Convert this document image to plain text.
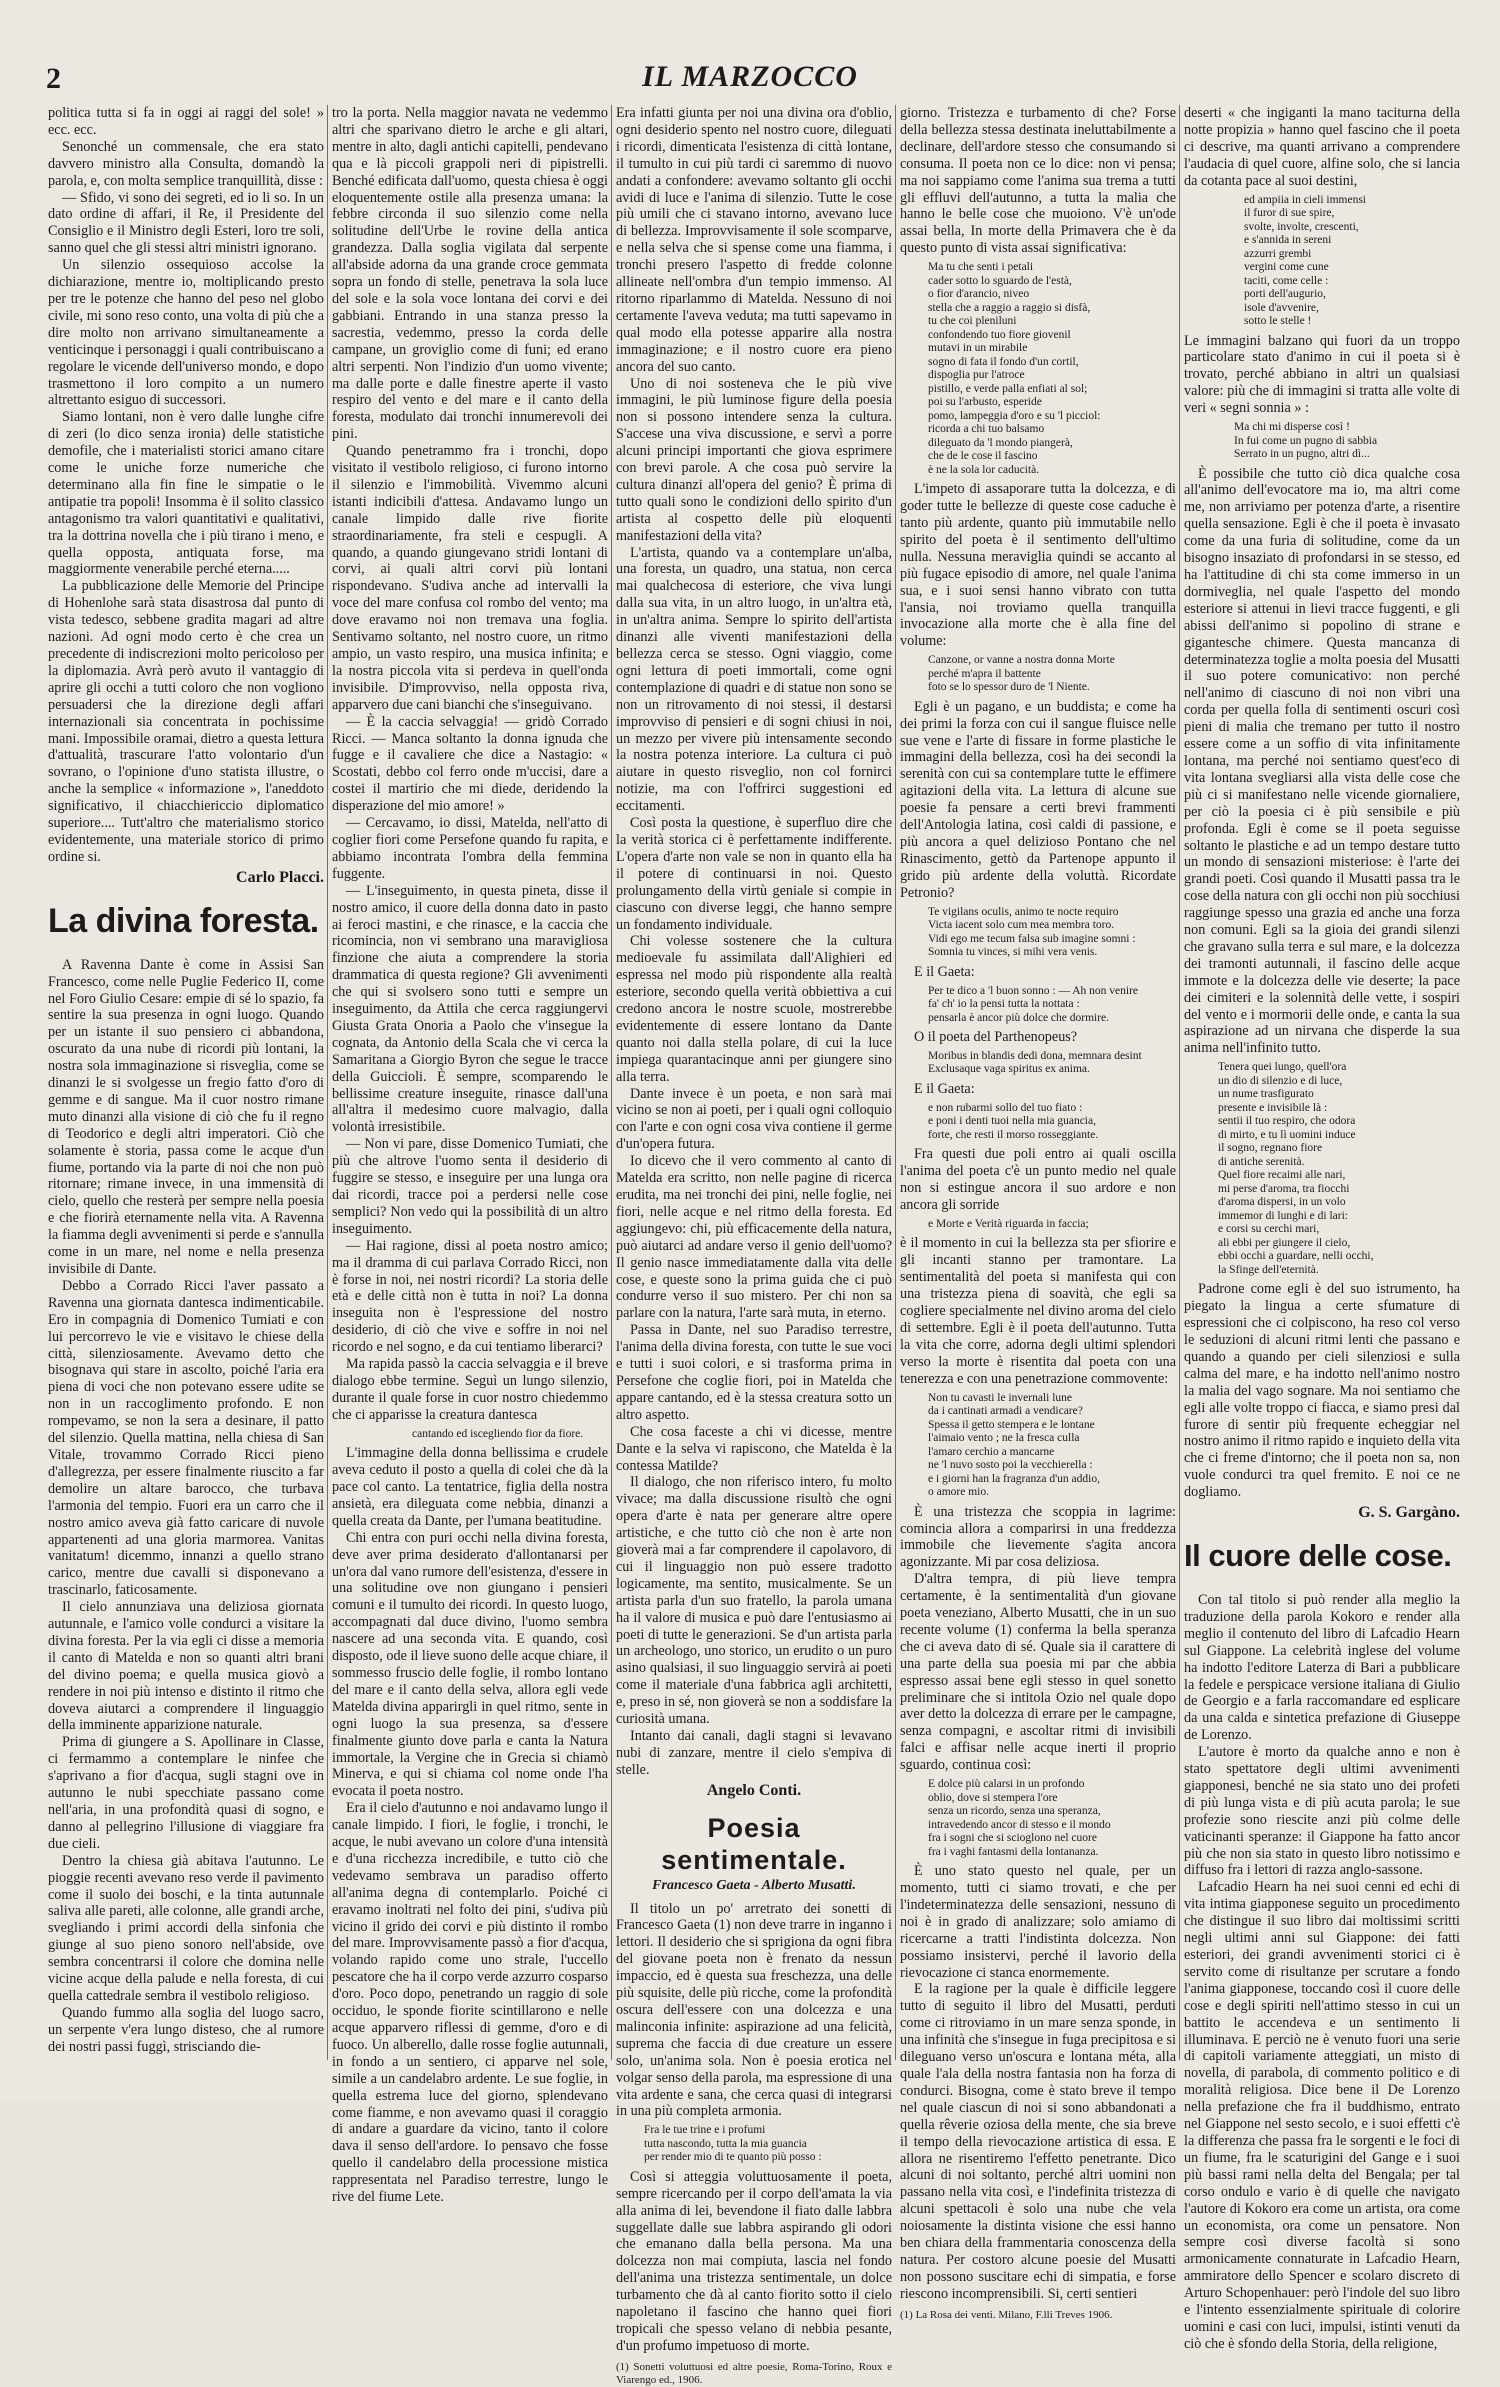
2	IL MARZOCCO

politica tutta si fa in oggi ai raggi del sole! » ecc. ecc.

Senonché un commensale, che era stato davvero ministro alla Consulta, domandò la parola, e, con molta semplice tranquillità, disse :

— Sfido, vi sono dei segreti, ed io li so. In un dato ordine di affari, il Re, il Presidente del Consiglio e il Ministro degli Esteri, loro tre soli, sanno quel che gli stessi altri ministri ignorano.

Un silenzio ossequioso accolse la dichiarazione, mentre io, moltiplicando presto per tre le potenze che hanno del peso nel globo civile, mi sono reso conto, una volta di più che a dire molto non arrivano simultaneamente a venticinque i personaggi i quali contribuiscano a regolare le vicende dell'universo mondo, e dopo trasmettono il loro compito a un numero altrettanto esiguo di successori.

Siamo lontani, non è vero dalle lunghe cifre di zeri (lo dico senza ironia) delle statistiche demofile, che i materialisti storici amano citare come le uniche forze numeriche che determinano alla fin fine le simpatie o le antipatie tra popoli! Insomma è il solito classico antagonismo tra valori quantitativi e qualitativi, tra la dottrina novella che i più tirano i meno, e quella opposta, antiquata forse, ma maggiormente venerabile perché eterna.....

La pubblicazione delle Memorie del Principe di Hohenlohe sarà stata disastrosa dal punto di vista tedesco, sebbene gradita magari ad altre nazioni. Ad ogni modo certo è che crea un precedente di indiscrezioni molto pericoloso per la diplomazia. Avrà però avuto il vantaggio di aprire gli occhi a tutti coloro che non vogliono persuadersi che la direzione degli affari internazionali sia concentrata in pochissime mani. Impossibile oramai, dietro a questa lettura d'attualità, trascurare l'atto volontario d'un sovrano, o l'opinione d'uno statista illustre, o anche la semplice « informazione », l'aneddoto significativo, il chiacchiericcio diplomatico superiore.... Tutt'altro che materialismo storico evidentemente, una materiale storico di primo ordine si.

Carlo Placci.
La divina foresta.

A Ravenna Dante è come in Assisi San Francesco, come nelle Puglie Federico II, come nel Foro Giulio Cesare: empie di sé lo spazio, fa sentire la sua presenza in ogni luogo. Quando per un istante il suo pensiero ci abbandona, oscurato da una nube di ricordi più lontani, la nostra sola immaginazione si risveglia, come se dinanzi le si svolgesse un fregio fatto d'oro di gemme e di sangue. Ma il cuor nostro rimane muto dinanzi alla visione di ciò che fu il regno di Teodorico e degli altri imperatori. Ciò che solamente è storia, passa come le acque d'un fiume, portando via la parte di noi che non può ritornare; rimane invece, in una immensità di cielo, quello che resterà per sempre nella poesia e che fiorirà eternamente nella vita. A Ravenna la fiamma degli avvenimenti si perde e s'annulla come in un mare, nel nome e nella presenza invisibile di Dante.

Debbo a Corrado Ricci l'aver passato a Ravenna una giornata dantesca indimenticabile. Ero in compagnia di Domenico Tumiati e con lui percorrevo le vie e visitavo le chiese della città, silenziosamente. Avevamo detto che bisognava qui stare in ascolto, poiché l'aria era piena di voci che non potevano essere udite se non in un raccoglimento profondo. E non rompevamo, se non la sera a desinare, il patto del silenzio. Quella mattina, nella chiesa di San Vitale, trovammo Corrado Ricci pieno d'allegrezza, per essere finalmente riuscito a far demolire un altare barocco, che turbava l'armonia del tempio. Fuori era un carro che il nostro amico aveva già fatto caricare di nuvole appartenenti ad una gloria marmorea. Vanitas vanitatum! dicemmo, innanzi a quello strano carico, mentre due cavalli si disponevano a trascinarlo, faticosamente.

Il cielo annunziava una deliziosa giornata autunnale, e l'amico volle condurci a visitare la divina foresta. Per la via egli ci disse a memoria il canto di Matelda e non so quanti altri brani del divino poema; e quella musica giovò a rendere in noi più intenso e distinto il ritmo che doveva aiutarci a comprendere il linguaggio della imminente apparizione naturale.

Prima di giungere a S. Apollinare in Classe, ci fermammo a contemplare le ninfee che s'aprivano a fior d'acqua, sugli stagni ove in autunno le nubi specchiate passano come nell'aria, in una profondità quasi di sogno, e danno al pellegrino l'illusione di viaggiare fra due cieli.

Dentro la chiesa già abitava l'autunno. Le pioggie recenti avevano reso verde il pavimento come il suolo dei boschi, e la tinta autunnale saliva alle pareti, alle colonne, alle grandi arche, svegliando i primi accordi della sinfonia che giunge al suo pieno sonoro nell'abside, ove sembra concentrarsi il colore che domina nelle vicine acque della palude e nella foresta, di cui quella cattedrale sembra il vestibolo religioso.

Quando fummo alla soglia del luogo sacro, un serpente v'era lungo disteso, che al rumore dei nostri passi fuggì, strisciando die-

tro la porta. Nella maggior navata ne vedemmo altri che sparivano dietro le arche e gli altari, mentre in alto, dagli antichi capitelli, pendevano qua e là piccoli grappoli neri di pipistrelli. Benché edificata dall'uomo, questa chiesa è oggi eloquentemente ostile alla presenza umana: la febbre circonda il suo silenzio come nella solitudine dell'Urbe le rovine della antica grandezza. Dalla soglia vigilata dal serpente all'abside adorna da una grande croce gemmata sopra un fondo di stelle, penetrava la sola luce del sole e la sola voce lontana dei corvi e dei gabbiani. Entrando in una stanza presso la sacrestia, vedemmo, presso la corda delle campane, un groviglio come di funi; ed erano altri serpenti. Non l'indizio d'un uomo vivente; ma dalle porte e dalle finestre aperte il vasto respiro del vento e del mare e il canto della foresta, modulato dai tronchi innumerevoli dei pini.

Quando penetrammo fra i tronchi, dopo visitato il vestibolo religioso, ci furono intorno il silenzio e l'immobilità. Vivemmo alcuni istanti indicibili d'attesa. Andavamo lungo un canale limpido dalle rive fiorite straordinariamente, fra steli e cespugli. A quando, a quando giungevano stridi lontani di corvi, ai quali altri corvi più lontani rispondevano. S'udiva anche ad intervalli la voce del mare confusa col rombo del vento; ma dove eravamo noi non tremava una foglia. Sentivamo soltanto, nel nostro cuore, un ritmo ampio, un vasto respiro, una musica infinita; e la nostra piccola vita si perdeva in quell'onda invisibile. D'improvviso, nella opposta riva, apparvero due cani bianchi che s'inseguivano.

— È la caccia selvaggia! — gridò Corrado Ricci. — Manca soltanto la donna ignuda che fugge e il cavaliere che dice a Nastagio: « Scostati, debbo col ferro onde m'uccisi, dare a costei il martirio che mi diede, deridendo la disperazione del mio amore! »

— Cercavamo, io dissi, Matelda, nell'atto di coglier fiori come Persefone quando fu rapita, e abbiamo incontrata l'ombra della femmina fuggente.

— L'inseguimento, in questa pineta, disse il nostro amico, il cuore della donna dato in pasto ai feroci mastini, e che rinasce, e la caccia che ricomincia, non vi sembrano una maravigliosa finzione che aiuta a comprendere la storia drammatica di questa regione? Gli avvenimenti che qui si svolsero sono tutti e sempre un inseguimento, da Attila che cerca raggiungervi Giusta Grata Onoria a Paolo che v'insegue la cognata, da Antonio della Scala che vi cerca la Samaritana a Giorgio Byron che segue le tracce della Guiccioli. È sempre, scomparendo le bellissime creature inseguite, rinasce dall'una all'altra il medesimo cuore malvagio, dalla volontà irresistibile.

— Non vi pare, disse Domenico Tumiati, che più che altrove l'uomo senta il desiderio di fuggire se stesso, e inseguire per una lunga ora dai ricordi, tracce poi a perdersi nelle cose semplici? Non vedo qui la possibilità di un altro inseguimento.

— Hai ragione, dissi al poeta nostro amico; ma il dramma di cui parlava Corrado Ricci, non è forse in noi, nei nostri ricordi? La storia delle età e delle città non è tutta in noi? La donna inseguita non è l'espressione del nostro desiderio, di ciò che vive e soffre in noi nel ricordo e nel sogno, e da cui tentiamo liberarci?

Ma rapida passò la caccia selvaggia e il breve dialogo ebbe termine. Seguì un lungo silenzio, durante il quale forse in cuor nostro chiedemmo che ci apparisse la creatura dantesca

cantando ed iscegliendo fior da fiore.

L'immagine della donna bellissima e crudele aveva ceduto il posto a quella di colei che dà la pace col canto. La tentatrice, figlia della nostra ansietà, era dileguata come nebbia, dinanzi a quella creata da Dante, per l'umana beatitudine.

Chi entra con puri occhi nella divina foresta, deve aver prima desiderato d'allontanarsi per un'ora dal vano rumore dell'esistenza, d'essere in una solitudine ove non giungano i pensieri comuni e il tumulto dei ricordi. In questo luogo, accompagnati dal duce divino, l'uomo sembra nascere ad una seconda vita. E quando, così disposto, ode il lieve suono delle acque chiare, il sommesso fruscio delle foglie, il rombo lontano del mare e il canto della selva, allora egli vede Matelda divina apparirgli in quel ritmo, sente in ogni luogo la sua presenza, sa d'essere finalmente giunto dove parla e canta la Natura immortale, la Vergine che in Grecia si chiamò Minerva, e qui si chiama col nome onde l'ha evocata il poeta nostro.

Era il cielo d'autunno e noi andavamo lungo il canale limpido. I fiori, le foglie, i tronchi, le acque, le nubi avevano un colore d'una intensità e d'una ricchezza incredibile, e tutto ciò che vedevamo sembrava un paradiso offerto all'anima degna di contemplarlo. Poiché ci eravamo inoltrati nel folto dei pini, s'udiva più vicino il grido dei corvi e più distinto il rombo del mare. Improvvisamente passò a fior d'acqua, volando rapido come uno strale, l'uccello pescatore che ha il corpo verde azzurro cosparso d'oro. Poco dopo, penetrando un raggio di sole occiduo, le sponde fiorite scintillarono e nelle acque apparvero riflessi di gemme, d'oro e di fuoco. Un alberello, dalle rosse foglie autunnali, in fondo a un sentiero, ci apparve nel sole, simile a un candelabro ardente. Le sue foglie, in quella estrema luce del giorno, splendevano come fiamme, e non avevamo quasi il coraggio di andare a guardare da vicino, tanto il colore dava il senso dell'ardore. Io pensavo che fosse quello il candelabro della processione mistica rappresentata nel Paradiso terrestre, lungo le rive del fiume Lete.

Era infatti giunta per noi una divina ora d'oblio, ogni desiderio spento nel nostro cuore, dileguati i ricordi, dimenticata l'esistenza di città lontane, il tumulto in cui più tardi ci saremmo di nuovo andati a confondere: avevamo soltanto gli occhi avidi di luce e l'anima di silenzio. Tutte le cose più umili che ci stavano intorno, avevano luce di bellezza. Improvvisamente il sole scomparve, e nella selva che si spense come una fiamma, i tronchi presero l'aspetto di fredde colonne allineate nell'ombra d'un tempio immenso. Al ritorno riparlammo di Matelda. Nessuno di noi certamente l'aveva veduta; ma tutti sapevamo in qual modo ella potesse apparire alla nostra immaginazione; e il nostro cuore era pieno ancora del suo canto.

Uno di noi sosteneva che le più vive immagini, le più luminose figure della poesia non si possono intendere senza la cultura. S'accese una viva discussione, e servì a porre alcuni principi importanti che giova esprimere con brevi parole. A che cosa può servire la cultura dinanzi all'opera del genio? È prima di tutto quali sono le condizioni dello spirito d'un artista al cospetto delle più eloquenti manifestazioni della vita?

L'artista, quando va a contemplare un'alba, una foresta, un quadro, una statua, non cerca mai qualchecosa di esteriore, che viva lungi dalla sua vita, in un altro luogo, in un'altra età, in un'altra anima. Sempre lo spirito dell'artista dinanzi alle viventi manifestazioni della bellezza cerca se stesso. Ogni viaggio, come ogni lettura di poeti immortali, come ogni contemplazione di quadri e di statue non sono se non un ritrovamento di noi stessi, il destarsi improvviso di pensieri e di sogni chiusi in noi, un mezzo per vivere più intensamente secondo la nostra potenza interiore. La cultura ci può aiutare in questo risveglio, non col fornirci notizie, ma con l'offrirci suggestioni ed eccitamenti.

Così posta la questione, è superfluo dire che la verità storica ci è perfettamente indifferente. L'opera d'arte non vale se non in quanto ella ha il potere di continuarsi in noi. Questo prolungamento della virtù geniale si compie in ciascuno con diverse leggi, che hanno sempre un fondamento individuale.

Chi volesse sostenere che la cultura medioevale fu assimilata dall'Alighieri ed espressa nel modo più rispondente alla realtà esteriore, secondo quella verità obbiettiva a cui credono ancora le nostre scuole, mostrerebbe evidentemente di essere lontano da Dante quanto noi dalla stella polare, di cui la luce impiega quarantacinque anni per giungere sino alla terra.

Dante invece è un poeta, e non sarà mai vicino se non ai poeti, per i quali ogni colloquio con l'arte e con ogni cosa viva contiene il germe d'un'opera futura.

Io dicevo che il vero commento al canto di Matelda era scritto, non nelle pagine di ricerca erudita, ma nei tronchi dei pini, nelle foglie, nei fiori, nelle acque e nel ritmo della foresta. Ed aggiungevo: chi, più efficacemente della natura, può aiutarci ad andare verso il genio dell'uomo? Il genio nasce immediatamente dalla vita delle cose, e queste sono la prima guida che ci può condurre verso il suo mistero. Per chi non sa parlare con la natura, l'arte sarà muta, in eterno.

Passa in Dante, nel suo Paradiso terrestre, l'anima della divina foresta, con tutte le sue voci e tutti i suoi colori, e si trasforma prima in Persefone che coglie fiori, poi in Matelda che appare cantando, ed è la stessa creatura sotto un altro aspetto.

Che cosa faceste a chi vi dicesse, mentre Dante e la selva vi rapiscono, che Matelda è la contessa Matilde?

Il dialogo, che non riferisco intero, fu molto vivace; ma dalla discussione risultò che ogni opera d'arte è nata per generare altre opere artistiche, e che tutto ciò che non è arte non gioverà mai a far comprendere il capolavoro, di cui il linguaggio non può essere tradotto logicamente, ma sentito, musicalmente. Se un artista parla d'un suo fratello, la parola umana ha il valore di musica e può dare l'entusiasmo ai poeti di tutte le generazioni. Se d'un artista parla un archeologo, uno storico, un erudito o un puro asino qualsiasi, il suo linguaggio servirà ai poeti come il materiale d'una fabbrica agli architetti, e, preso in sé, non gioverà se non a soddisfare la curiosità umana.

Intanto dai canali, dagli stagni si levavano nubi di zanzare, mentre il cielo s'empiva di stelle.

Angelo Conti.
Poesia sentimentale.
Francesco Gaeta - Alberto Musatti.

Il titolo un po' arretrato dei sonetti di Francesco Gaeta (1) non deve trarre in inganno i lettori. Il desiderio che si sprigiona da ogni fibra del giovane poeta non è frenato da nessun impaccio, ed è questa sua freschezza, una delle più squisite, delle più ricche, come la profondità oscura dell'essere con una dolcezza e una malinconia infinite: aspirazione ad una felicità, suprema che faccia di due creature un essere solo, un'anima sola. Non è poesia erotica nel volgar senso della parola, ma espressione di una vita ardente e sana, che cerca quasi di integrarsi in una più completa armonia.

Fra le tue trine e i profumi
tutta nascondo, tutta la mia guancia
per render mio di te quanto più posso :

Così si atteggia voluttuosamente il poeta, sempre ricercando per il corpo dell'amata la via alla anima di lei, bevendone il fiato dalle labbra suggellate dalle sue labbra aspirando gli odori che emanano dalla bella persona. Ma una dolcezza non mai compiuta, lascia nel fondo dell'anima una tristezza sentimentale, un dolce turbamento che dà al canto fiorito sotto il cielo napoletano il fascino che hanno quei fiori tropicali che spesso velano di nebbia pesante, d'un profumo impetuoso di morte.

(1) Sonetti voluttuosi ed altre poesie, Roma-Torino, Roux e Viarengo ed., 1906.

giorno. Tristezza e turbamento di che? Forse della bellezza stessa destinata ineluttabilmente a declinare, dell'ardore stesso che consumando si consuma. Il poeta non ce lo dice: non vi pensa; ma noi sappiamo come l'anima sua trema a tutti gli effluvi dell'autunno, a tutta la malia che hanno le belle cose che muoiono. V'è un'ode assai bella, In morte della Primavera che è da questo punto di vista assai significativa:

Ma tu che senti i petali
cader sotto lo sguardo de l'està,
o fior d'arancio, niveo
stella che a raggio a raggio si disfà,
tu che coi pleniluni
confondendo tuo fiore giovenil
mutavi in un mirabile
sogno di fata il fondo d'un cortil,
dispoglia pur l'atroce
pistillo, e verde palla enfiati al sol;
poi su l'arbusto, esperide
pomo, lampeggia d'oro e su 'l picciol:
ricorda a chi tuo balsamo
dileguato da 'l mondo piangerà,
che de le cose il fascino
è ne la sola lor caducità.

L'impeto di assaporare tutta la dolcezza, e di goder tutte le bellezze di queste cose caduche è tanto più ardente, quanto più immutabile nello spirito del poeta è il sentimento dell'ultimo nulla. Nessuna meraviglia quindi se accanto al più fugace episodio di amore, nel quale l'anima sua, e i suoi sensi hanno vibrato con tutta l'ansia, noi troviamo quella tranquilla invocazione alla morte che è alla fine del volume:

Canzone, or vanne a nostra donna Morte
perché m'apra il battente
foto se lo spessor duro de 'l Niente.

Egli è un pagano, e un buddista; e come ha dei primi la forza con cui il sangue fluisce nelle sue vene e l'arte di fissare in forme plastiche le immagini della bellezza, così ha dei secondi la serenità con cui sa contemplare tutte le effimere agitazioni della vita. La lettura di alcune sue poesie fa pensare a certi brevi frammenti dell'Antologia latina, così caldi di passione, e più ancora a quel delizioso Pontano che nel Rinascimento, gettò da Partenope appunto il grido più ardente della voluttà. Ricordate Petronio?

Te vigilans oculis, animo te nocte requiro
Victa iacent solo cum mea membra toro.
Vidi ego me tecum falsa sub imagine somni :
Somnia tu vinces, si mihi vera venis.

E il Gaeta:

Per te dico a 'l buon sonno : — Ah non venire
fa' ch' io la pensi tutta la nottata :
pensarla è ancor più dolce che dormire.

O il poeta del Parthenopeus?

Moribus in blandis dedi dona, memnara desint
Exclusaque vaga spiritus ex anima.

E il Gaeta:

e non rubarmi sollo del tuo fiato :
e poni i denti tuoi nella mia guancia,
forte, che resti il morso rosseggiante.

Fra questi due poli entro ai quali oscilla l'anima del poeta c'è un punto medio nel quale non si estingue ancora il suo ardore e non ancora gli sorride

e Morte e Verità riguarda in faccia;

è il momento in cui la bellezza sta per sfiorire e gli incanti stanno per tramontare. La sentimentalità del poeta si manifesta qui con una tristezza piena di soavità, che egli sa cogliere specialmente nel divino aroma del cielo di settembre. Egli è il poeta dell'autunno. Tutta la vita che corre, adorna degli ultimi splendori verso la morte è risentita dal poeta con una tenerezza e con una penetrazione commovente:

Non tu cavasti le invernali lune
da i cantinati armadi a vendicare?
Spessa il getto stempera e le lontane
l'aimaio vento ; ne la fresca culla
l'amaro cerchio a mancarne
ne 'l nuvo sosto poi la vecchierella :
e i giorni han la fragranza d'un addio,
o amore mio.

È una tristezza che scoppia in lagrime: cominciа allora a comparirsi in una freddezza immobile che lievemente s'agita ancora agonizzante. Mi par cosa deliziosa.

D'altra tempra, di più lieve tempra certamente, è la sentimentalità d'un giovane poeta veneziano, Alberto Musatti, che in un suo recente volume (1) conferma la bella speranza che ci aveva dato di sé. Quale sia il carattere di una parte della sua poesia mi par che abbia espresso assai bene egli stesso in quel sonetto preliminare che si intitola Ozio nel quale dopo aver detto la dolcezza di errare per le campagne, senza compagni, e ascoltar ritmi di invisibili falci e affisar nelle acque inerti il proprio sguardo, continua così:

E dolce più calarsi in un profondo
oblio, dove si stempera l'ore
senza un ricordo, senza una speranza,
intravedendo ancor di stesso e il mondo
fra i sogni che si scioglono nel cuore
fra i vaghi fantasmi della lontananza.

È uno stato questo nel quale, per un momento, tutti ci siamo trovati, e che per l'indeterminatezza delle sensazioni, nessuno di noi è in grado di analizzare; solo amiamo di ricercarne a tratti l'indistinta dolcezza. Non possiamo insistervi, perché il lavorio della rievocazione ci stanca enormemente.

E la ragione per la quale è difficile leggere tutto di seguito il libro del Musatti, perduti come ci ritroviamo in un mare senza sponde, in una infinità che s'insegue in fuga precipitosa e si dileguano verso un'oscura e lontana méta, alla quale l'ala della nostra fantasia non ha forza di condurci. Bisogna, come è stato breve il tempo nel quale ciascun di noi si sono abbandonati a quella rêverie oziosa della mente, che sia breve il tempo della rievocazione artistica di essa. E allora ne risentiremo l'effetto penetrante. Dico alcuni di noi soltanto, perché altri uomini non passano nella vita così, e l'indefinita tristezza di alcuni spettacoli è solo una nube che vela noiosamente la distinta visione che essi hanno ben chiara della frammentaria conoscenza della natura. Per costoro alcune poesie del Musatti non possono suscitare echi di simpatia, e forse riescono incomprensibili. Si, certi sentieri

(1) La Rosa dei venti. Milano, F.lli Treves 1906.

deserti « che ingiganti la mano taciturna della notte propizia » hanno quel fascino che il poeta ci descrive, ma quanti arrivano a comprendere l'audacia di quel cuore, alfine solo, che si lancia da cotanta pace al suoi destini,

ed ampiia in cieli immensi
il furor di sue spire,
svolte, involte, crescenti,
e s'annida in sereni
azzurri grembi
vergini come cune
taciti, come celle :
porti dell'augurio,
isole d'avvenire,
sotto le stelle !

Le immagini balzano qui fuori da un troppo particolare stato d'animo in cui il poeta si è trovato, perché abbiano in altri un qualsiasi valore: più che di immagini si tratta alle volte di veri « segni sonnia » :

Ma chi mi disperse così !
In fui come un pugno di sabbia
Serrato in un pugno, altri dì...

È possibile che tutto ciò dica qualche cosa all'animo dell'evocatore ma io, ma altri come me, non arriviamo per potenza d'arte, a risentire quella sensazione. Egli è che il poeta è invasato come da una furia di solitudine, come da un bisogno insaziato di profondarsi in se stesso, ed ha l'attitudine di chi sta come immerso in un dormiveglia, nel quale l'aspetto del mondo esteriore si attenui in lievi tracce fuggenti, e gli abissi dell'animo si popolino di strane e gigantesche chimere. Questa mancanza di determinatezza toglie a molta poesia del Musatti il suo potere comunicativo: non perché nell'animo di ciascuno di noi non vibri una corda per quella folla di sentimenti oscuri così pieni di malia che tremano per tutto il nostro essere come a un soffio di vita infinitamente lontana, ma perché noi sentiamo quest'eco di vita lontana svegliarsi alla vista delle cose che più ci si manifestano nelle vicende giornaliere, per ciò la poesia ci è più sensibile e più profonda. Egli è come se il poeta seguisse soltanto le plastiche e ad un tempo destare tutto un mondo di sensazioni misteriose: è l'arte dei grandi poeti. Così quando il Musatti passa tra le cose della natura con gli occhi non più socchiusi raggiunge spesso una grazia ed anche una forza non comuni. Egli sa la gioia dei grandi silenzi che gravano sulla terra e sul mare, e la dolcezza dei tramonti autunnali, il fascino delle acque immote e la dolcezza delle vie deserte; la pace dei cimiteri e la solennità delle vette, i sospiri del vento e i mormorii delle onde, e canta la sua aspirazione ad un nirvana che disperde la sua anima nell'infinito tutto.

Tenera quei lungo, quell'ora
un dio di silenzio e di luce,
un nume trasfigurato
presente e invisibile là :
sentii il tuo respiro, che odora
di mirto, e tu lì uomini induce
il sogno, regnano fiore
di antiche serenità.
Quel fiore recaimi alle nari,
mi perse d'aroma, tra fiocchi
d'aroma dispersi, in un volo
immemor di lunghi e di lari:
e corsi su cerchi mari,
ali ebbi per giungere il cielo,
ebbi occhi a guardare, nelli occhi,
la Sfinge dell'eternità.

Padrone come egli è del suo istrumento, ha piegato la lingua a certe sfumature di espressioni che ci colpiscono, ha reso col verso le seduzioni di alcuni ritmi lenti che passano e quando a quando per cieli silenziosi e sulla calma del mare, e ha indotto nell'animo nostro la malia del vago sognare. Ma noi sentiamo che egli alle volte troppo ci fiacca, e siamo presi dal furore di sentir più frequente echeggiar nel nostro animo il ritmo rapido e inquieto della vita che ci freme d'intorno; che il poeta non sa, non vuole condurci tra quel fremito. E noi ce ne dogliamo.

G. S. Gargàno.
Il cuore delle cose.

Con tal titolo si può render alla meglio la traduzione della parola Kokoro e render alla meglio il contenuto del libro di Lafcadio Hearn sul Giappone. La celebrità inglese del volume ha indotto l'editore Laterza di Bari a pubblicare la fedele e perspicace versione italiana di Giulio de Georgio e a farla raccomandare ed esplicare da una calda e sintetica prefazione di Giuseppe de Lorenzo.

L'autore è morto da qualche anno e non è stato spettatore degli ultimi avvenimenti giapponesi, benché ne sia stato uno dei profeti di più lunga vista e di più acuta parola; le sue profezie sono riescite anzi più colme delle vaticinanti speranze: il Giappone ha fatto ancor più che non sia stato in questo libro notissimo e diffuso fra i lettori di razza anglo-sassone.

Lafcadio Hearn ha nei suoi cenni ed echi di vita intima giapponese seguito un procedimento che distingue il suo libro dai moltissimi scritti negli ultimi anni sul Giappone: dei fatti esteriori, dei grandi avvenimenti storici ci è servito come di risultanze per scrutare a fondo l'anima giapponese, toccando così il cuore delle cose e degli spiriti nell'attimo stesso in cui un battito le accendeva e un sentimento li illuminava. E perciò ne è venuto fuori una serie di capitoli variamente atteggiati, un misto di novella, di parabola, di commento politico e di moralità religiosa. Dice bene il De Lorenzo nella prefazione che fra il buddhismo, entrato nel Giappone nel sesto secolo, e i suoi effetti c'è la differenza che passa fra le sorgenti e le foci di un fiume, fra le scaturigini del Gange e i suoi più bassi rami nella delta del Bengala; per tal corso ondulo e vario è di quelle che navigato l'autore di Kokoro era come un artista, ora come un economista, ora come un pensatore. Non sempre così diverse facoltà si sono armonicamente connaturate in Lafcadio Hearn, ammiratore dello Spencer e scolaro discreto di Arturo Schopenhauer: però l'indole del suo libro e l'intento essenzialmente spirituale di colorire uomini e casi con luci, impulsi, istinti venuti da ciò che è sfondo della Storia, della religione,
